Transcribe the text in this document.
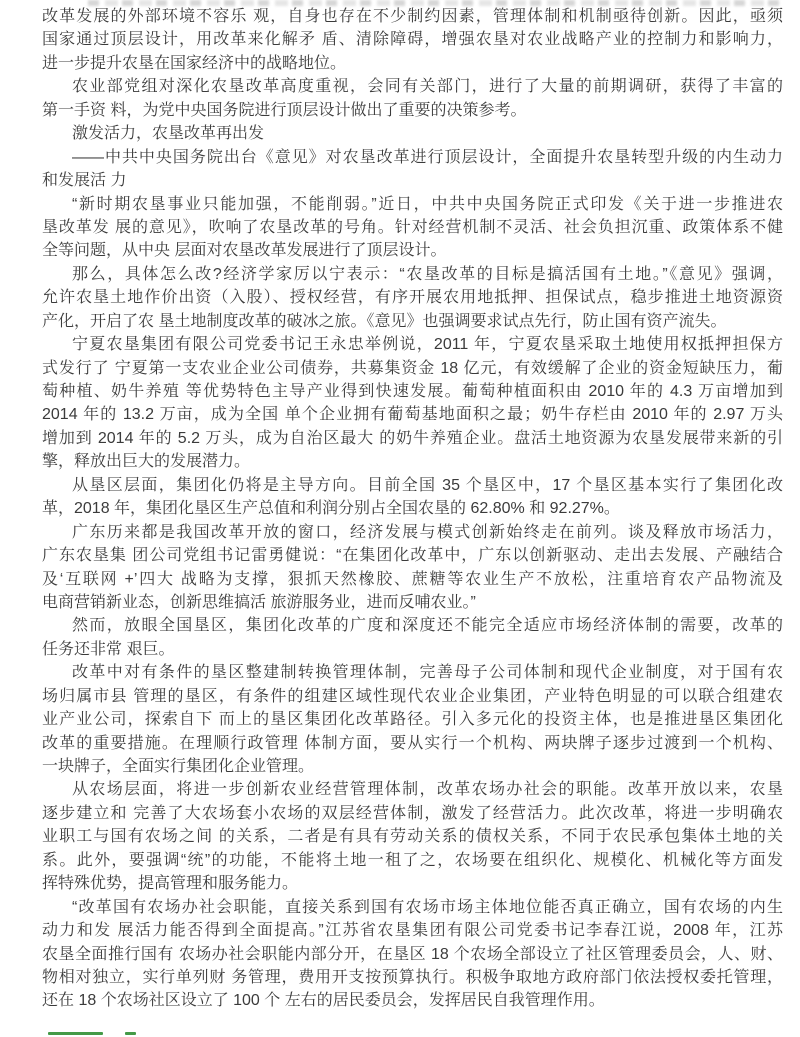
改革发展的外部环境不容乐 观，自身也存在不少制约因素，管理体制和机制亟待创新。因此，亟须
国家通过顶层设计，用改革来化解矛 盾、清除障碍，增强农垦对农业战略产业的控制力和影响力，
进一步提升农垦在国家经济中的战略地位。
农业部党组对深化农垦改革高度重视，会同有关部门，进行了大量的前期调研，获得了丰富的
第一手资 料，为党中央国务院进行顶层设计做出了重要的决策参考。
激发活力，农垦改革再出发
——中共中央国务院出台《意见》对农垦改革进行顶层设计，全面提升农垦转型升级的内生动力
和发展活 力
“新时期农垦事业只能加强，不能削弱。”近日，中共中央国务院正式印发《关于进一步推进农
垦改革发 展的意见》，吹响了农垦改革的号角。针对经营机制不灵活、社会负担沉重、政策体系不健
全等问题，从中央 层面对农垦改革发展进行了顶层设计。
那么，具体怎么改?经济学家厉以宁表示：“农垦改革的目标是搞活国有土地。”《意见》强调，
允许农垦土地作价出资（入股）、授权经营，有序开展农用地抵押、担保试点，稳步推进土地资源资
产化，开启了农 垦土地制度改革的破冰之旅。《意见》也强调要求试点先行，防止国有资产流失。
宁夏农垦集团有限公司党委书记王永忠举例说，2011 年，宁夏农垦采取土地使用权抵押担保方
式发行了 宁夏第一支农业企业公司债券，共募集资金 18 亿元，有效缓解了企业的资金短缺压力，葡
萄种植、奶牛养殖 等优势特色主导产业得到快速发展。葡萄种植面积由 2010 年的 4.3 万亩增加到
2014 年的 13.2 万亩，成为全国 单个企业拥有葡萄基地面积之最；奶牛存栏由 2010 年的 2.97 万头
增加到 2014 年的 5.2 万头，成为自治区最大 的奶牛养殖企业。盘活土地资源为农垦发展带来新的引
擎，释放出巨大的发展潜力。
从垦区层面，集团化仍将是主导方向。目前全国 35 个垦区中，17 个垦区基本实行了集团化改
革，2018 年，集团化垦区生产总值和利润分别占全国农垦的 62.80% 和 92.27%。
广东历来都是我国改革开放的窗口，经济发展与模式创新始终走在前列。谈及释放市场活力，
广东农垦集 团公司党组书记雷勇健说：“在集团化改革中，广东以创新驱动、走出去发展、产融结合
及‘互联网 +’四大 战略为支撑，狠抓天然橡胶、蔗糖等农业生产不放松，注重培育农产品物流及
电商营销新业态，创新思维搞活 旅游服务业，进而反哺农业。”
然而，放眼全国垦区，集团化改革的广度和深度还不能完全适应市场经济体制的需要，改革的
任务还非常 艰巨。
改革中对有条件的垦区整建制转换管理体制，完善母子公司体制和现代企业制度，对于国有农
场归属市县 管理的垦区，有条件的组建区域性现代农业企业集团，产业特色明显的可以联合组建农
业产业公司，探索自下 而上的垦区集团化改革路径。引入多元化的投资主体，也是推进垦区集团化
改革的重要措施。在理顺行政管理 体制方面，要从实行一个机构、两块牌子逐步过渡到一个机构、
一块牌子，全面实行集团化企业管理。
从农场层面，将进一步创新农业经营管理体制，改革农场办社会的职能。改革开放以来，农垦
逐步建立和 完善了大农场套小农场的双层经营体制，激发了经营活力。此次改革，将进一步明确农
业职工与国有农场之间 的关系，二者是有具有劳动关系的债权关系，不同于农民承包集体土地的关
系。此外，要强调“统”的功能，不能将土地一租了之，农场要在组织化、规模化、机械化等方面发
挥特殊优势，提高管理和服务能力。
“改革国有农场办社会职能，直接关系到国有农场市场主体地位能否真正确立，国有农场的内生
动力和发 展活力能否得到全面提高。”江苏省农垦集团有限公司党委书记李春江说，2008 年，江苏
农垦全面推行国有 农场办社会职能内部分开，在垦区 18 个农场全部设立了社区管理委员会，人、财、
物相对独立，实行单列财 务管理，费用开支按预算执行。积极争取地方政府部门依法授权委托管理，
还在 18 个农场社区设立了 100 个 左右的居民委员会，发挥居民自我管理作用。
